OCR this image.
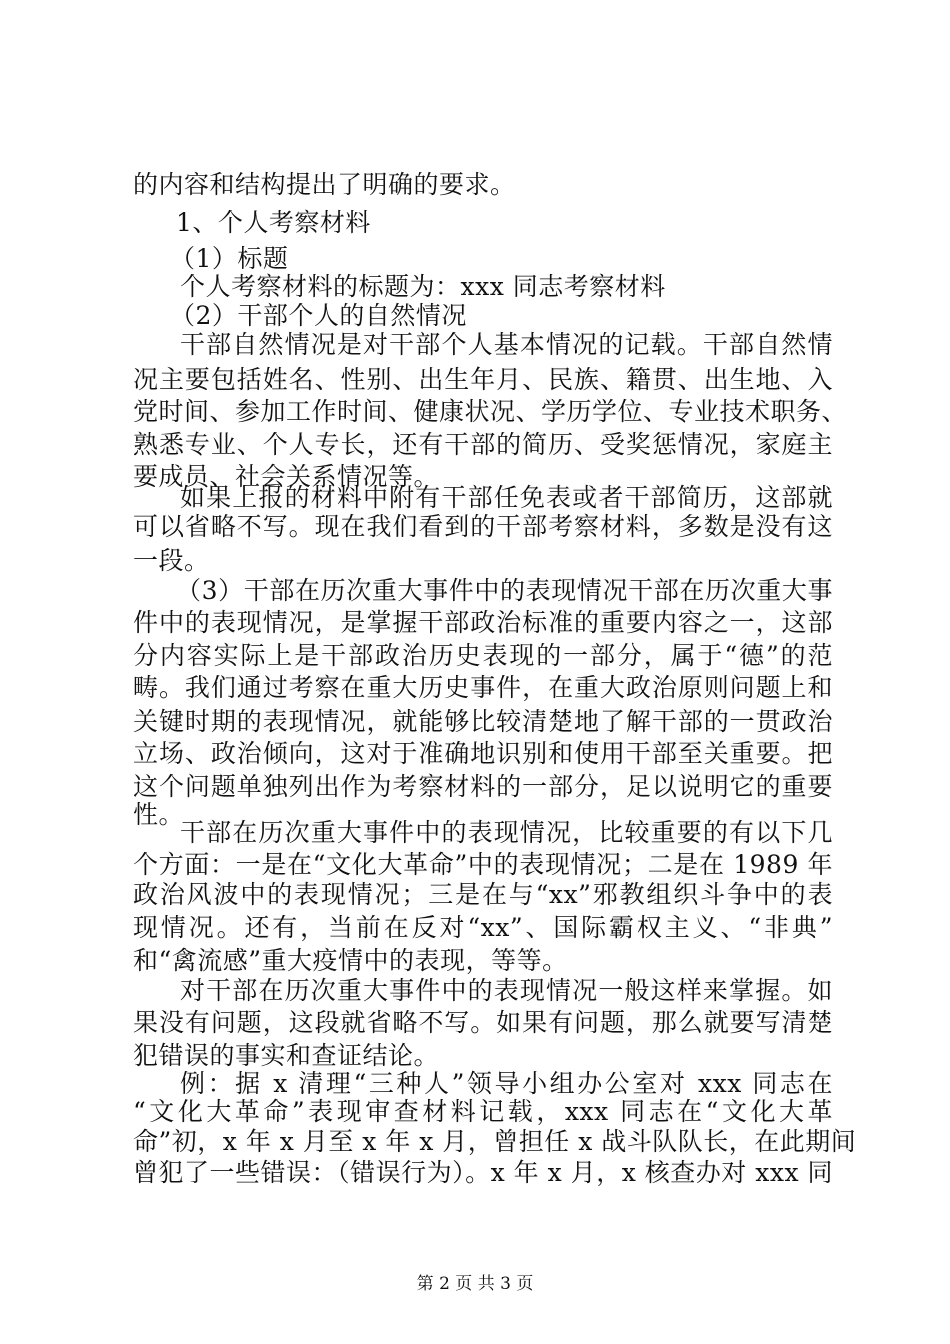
的内容和结构提出了明确的要求。
1、个人考察材料
（1）标题
个人考察材料的标题为：xxx 同志考察材料
（2）干部个人的自然情况
干部自然情况是对干部个人基本情况的记载。干部自然情
况主要包括姓名、性别、出生年月、民族、籍贯、出生地、入
党时间、参加工作时间、健康状况、学历学位、专业技术职务、
熟悉专业、个人专长，还有干部的简历、受奖惩情况，家庭主
要成员、社会关系情况等。
如果上报的材料中附有干部任免表或者干部简历，这部就
可以省略不写。现在我们看到的干部考察材料，多数是没有这
一段。
（3）干部在历次重大事件中的表现情况干部在历次重大事
件中的表现情况，是掌握干部政治标准的重要内容之一，这部
分内容实际上是干部政治历史表现的一部分，属于“德”的范
畴。我们通过考察在重大历史事件，在重大政治原则问题上和
关键时期的表现情况，就能够比较清楚地了解干部的一贯政治
立场、政治倾向，这对于准确地识别和使用干部至关重要。把
这个问题单独列出作为考察材料的一部分，足以说明它的重要
性。
干部在历次重大事件中的表现情况，比较重要的有以下几
个方面：一是在“文化大革命”中的表现情况；二是在 1989 年
政治风波中的表现情况；三是在与“xx”邪教组织斗争中的表
现情况。还有，当前在反对“xx”、国际霸权主义、“非典”
和“禽流感”重大疫情中的表现，等等。
对干部在历次重大事件中的表现情况一般这样来掌握。如
果没有问题，这段就省略不写。如果有问题，那么就要写清楚
犯错误的事实和查证结论。
例：据 x 清理“三种人”领导小组办公室对 xxx 同志在
“文化大革命”表现审查材料记载，xxx 同志在“文化大革
命”初，x 年 x 月至 x 年 x 月，曾担任 x 战斗队队长，在此期间
曾犯了一些错误：（错误行为）。x 年 x 月，x 核查办对 xxx 同
第 2 页 共 3 页
